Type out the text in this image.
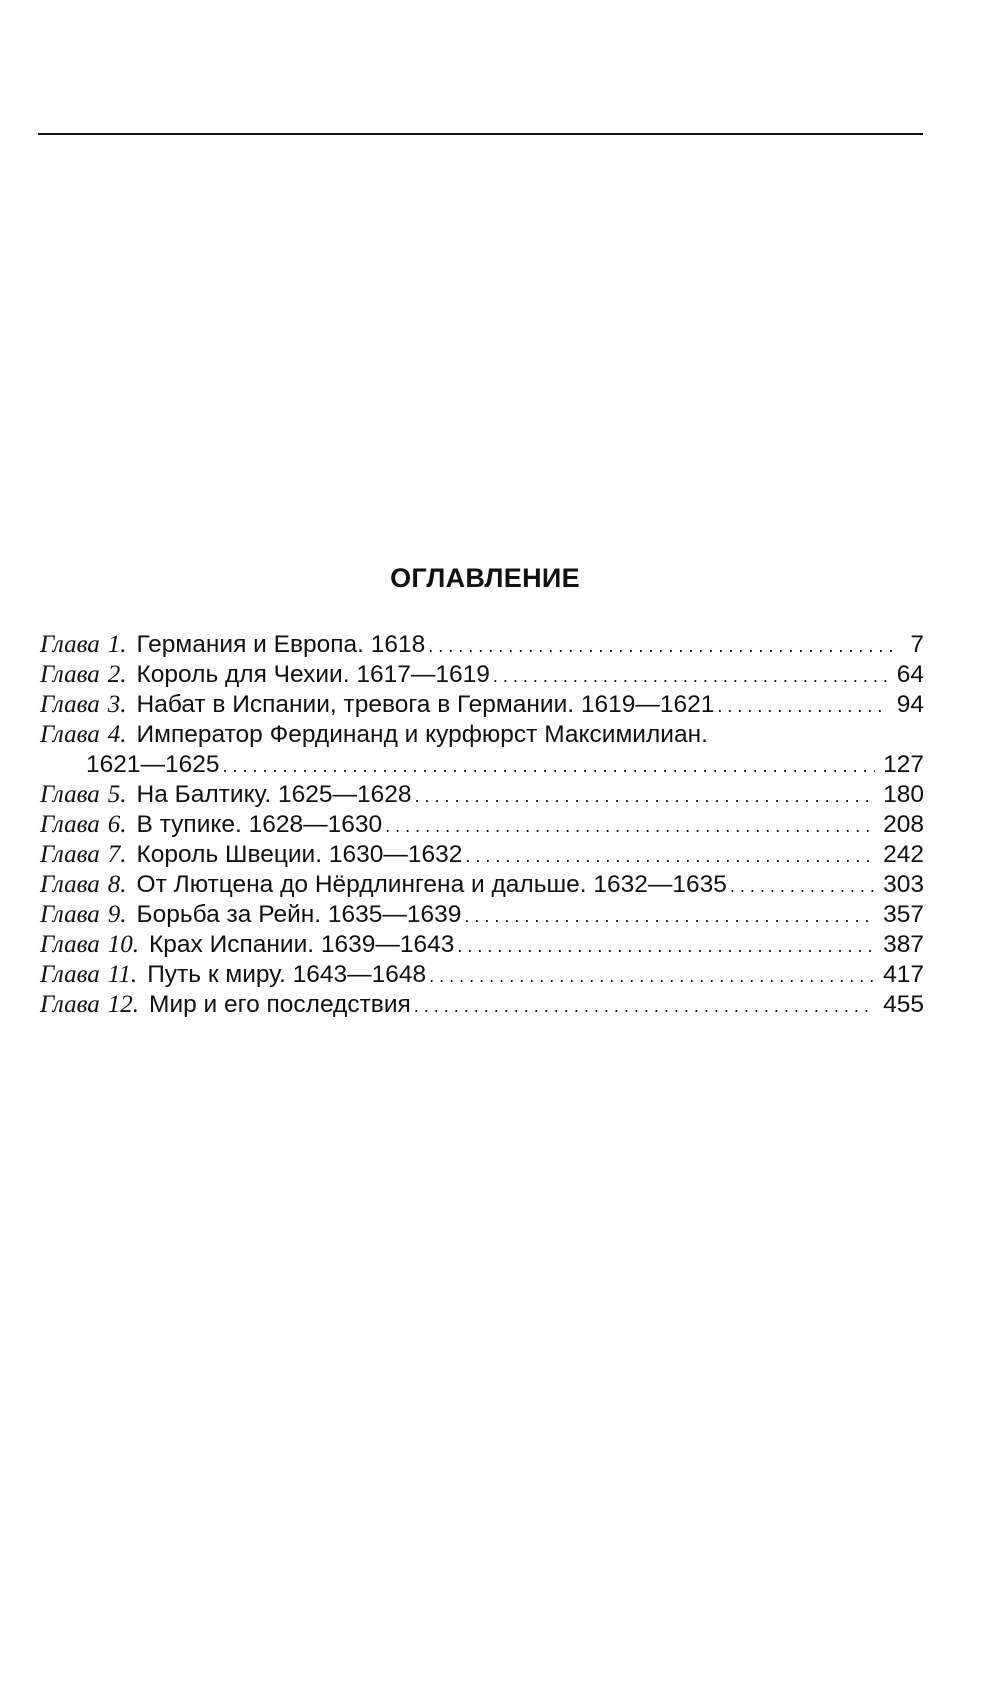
ОГЛАВЛЕНИЕ
Глава 1. Германия и Европа. 1618 . . .	7
Глава 2. Король для Чехии. 1617—1619 . . .	64
Глава 3. Набат в Испании, тревога в Германии. 1619—1621 . . .	94
Глава 4. Император Фердинанд и курфюрст Максимилиан.
1621—1625 . . .	127
Глава 5. На Балтику. 1625—1628 . . .	180
Глава 6. В тупике. 1628—1630 . . .	208
Глава 7. Король Швеции. 1630—1632 . . .	242
Глава 8. От Лютцена до Нёрдлингена и дальше. 1632—1635 . . .	303
Глава 9. Борьба за Рейн. 1635—1639 . . .	357
Глава 10. Крах Испании. 1639—1643 . . .	387
Глава 11. Путь к миру. 1643—1648 . . .	417
Глава 12. Мир и его последствия . . .	455
